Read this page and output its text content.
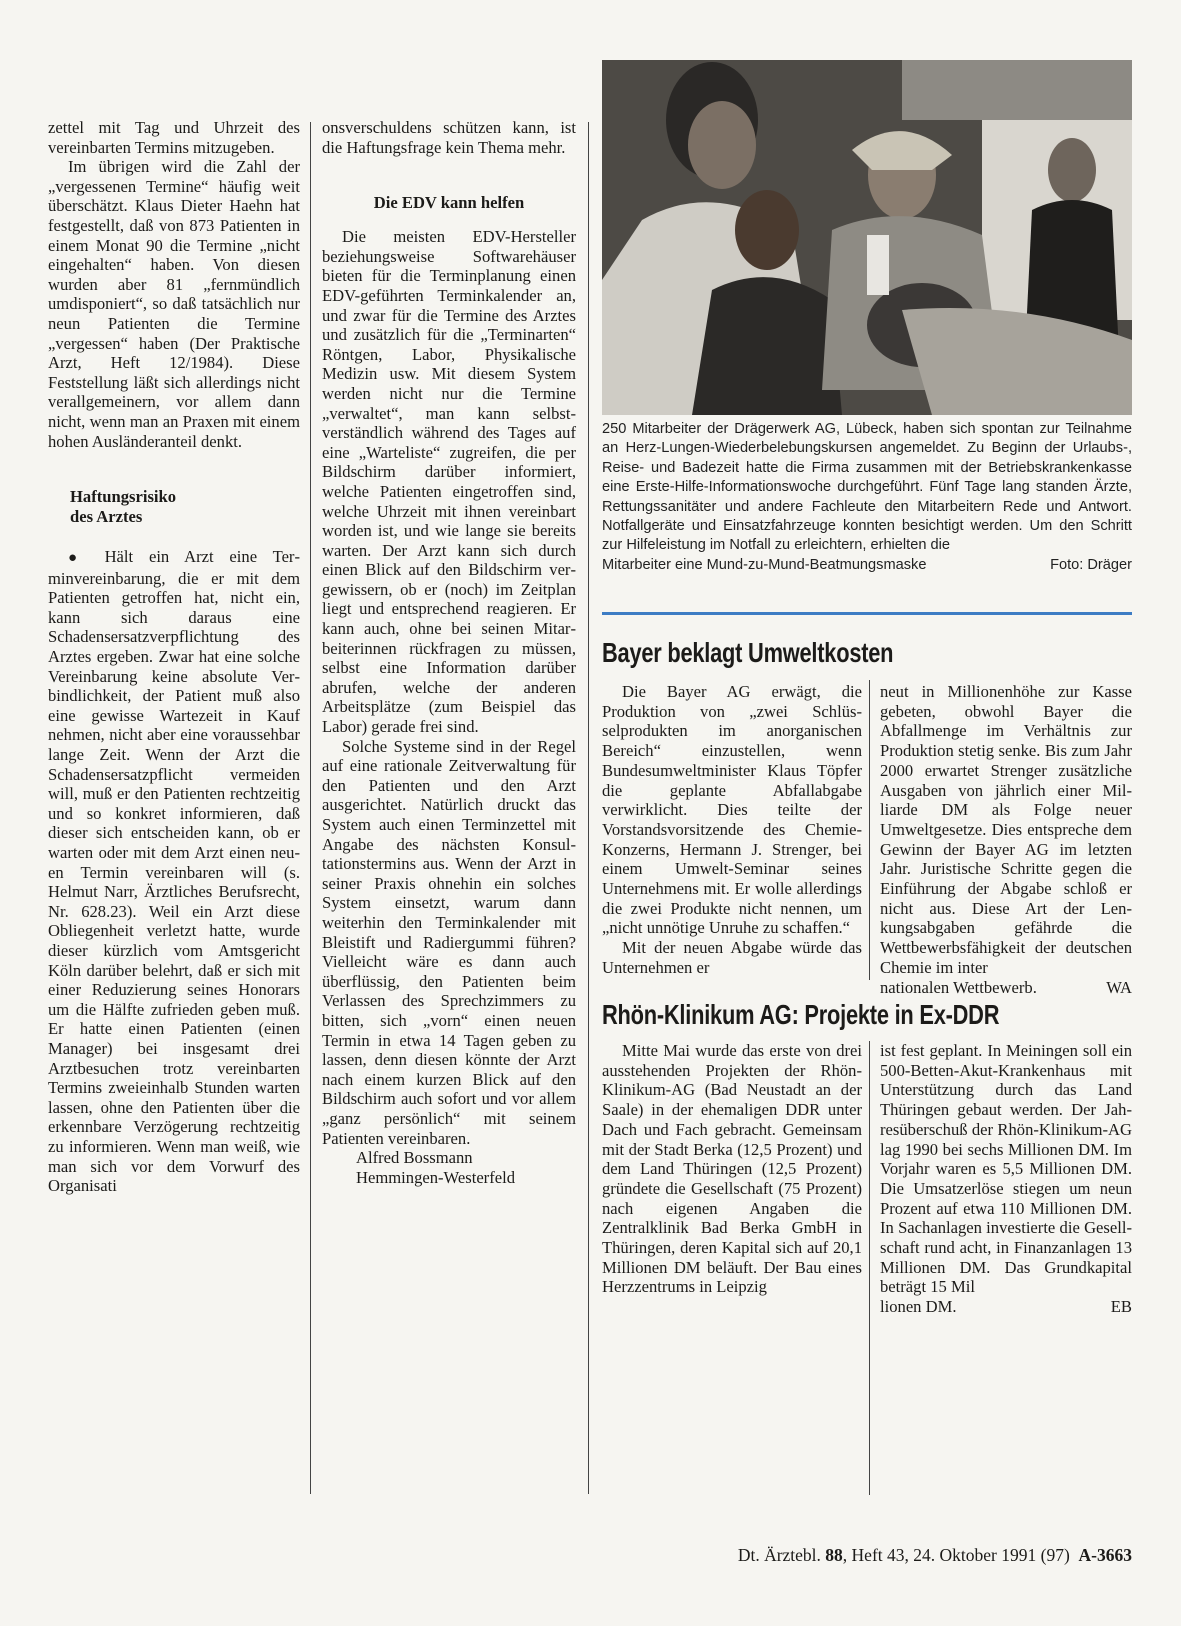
zettel mit Tag und Uhrzeit des vereinbarten Termins mitzugeben.

Im übrigen wird die Zahl der „vergessenen Termine“ häufig weit überschätzt. Klaus Dieter Haehn hat festgestellt, daß von 873 Patienten in einem Monat 90 die Termine „nicht eingehalten“ haben. Von diesen wurden aber 81 „fernmündlich umdisponiert“, so daß tatsächlich nur neun Patienten die Termine „vergessen“ haben (Der Praktische Arzt, Heft 12/1984). Diese Feststellung läßt sich allerdings nicht verallgemeinern, vor allem dann nicht, wenn man an Praxen mit einem hohen Ausländeranteil denkt.

Haftungsrisiko

des Arztes

● Hält ein Arzt eine Terminvereinbarung, die er mit dem Patienten getroffen hat, nicht ein, kann sich daraus eine Schadensersatzverpflichtung des Arztes ergeben. Zwar hat eine solche Vereinbarung keine absolute Verbindlichkeit, der Patient muß also eine gewisse Wartezeit in Kauf nehmen, nicht aber eine voraussehbar lange Zeit. Wenn der Arzt die Schadensersatzpflicht vermeiden will, muß er den Patienten rechtzeitig und so konkret informieren, daß dieser sich entscheiden kann, ob er warten oder mit dem Arzt einen neuen Termin vereinbaren will (s. Helmut Narr, Ärztliches Berufsrecht, Nr. 628.23). Weil ein Arzt diese Obliegenheit verletzt hatte, wurde dieser kürzlich vom Amtsgericht Köln darüber belehrt, daß er sich mit einer Reduzierung seines Honorars um die Hälfte zufrieden geben muß. Er hatte einen Patienten (einen Manager) bei insgesamt drei Arztbesuchen trotz vereinbarten Termins zweieinhalb Stunden warten lassen, ohne den Patienten über die erkennbare Verzögerung rechtzeitig zu informieren. Wenn man weiß, wie man sich vor dem Vorwurf des Organisati

onsverschuldens schützen kann, ist die Haftungsfrage kein Thema mehr.

Die EDV kann helfen

Die meisten EDV-Hersteller beziehungsweise Softwarehäuser bieten für die Terminplanung einen EDV-geführten Terminkalender an, und zwar für die Termine des Arztes und zusätzlich für die „Terminarten“ Röntgen, Labor, Physikalische Medizin usw. Mit diesem System werden nicht nur die Termine „verwaltet“, man kann selbstverständlich während des Tages auf eine „Warteliste“ zugreifen, die per Bildschirm darüber informiert, welche Patienten eingetroffen sind, welche Uhrzeit mit ihnen vereinbart worden ist, und wie lange sie bereits warten. Der Arzt kann sich durch einen Blick auf den Bildschirm vergewissern, ob er (noch) im Zeitplan liegt und entsprechend reagieren. Er kann auch, ohne bei seinen Mitarbeiterinnen rückfragen zu müssen, selbst eine Information darüber abrufen, welche der anderen Arbeitsplätze (zum Beispiel das Labor) gerade frei sind.

Solche Systeme sind in der Regel auf eine rationale Zeitverwaltung für den Patienten und den Arzt ausgerichtet. Natürlich druckt das System auch einen Terminzettel mit Angabe des nächsten Konsultationstermins aus. Wenn der Arzt in seiner Praxis ohnehin ein solches System einsetzt, warum dann weiterhin den Terminkalender mit Bleistift und Radiergummi führen? Vielleicht wäre es dann auch überflüssig, den Patienten beim Verlassen des Sprechzimmers zu bitten, sich „vorn“ einen neuen Termin in etwa 14 Tagen geben zu lassen, denn diesen könnte der Arzt nach einem kurzen Blick auf den Bildschirm auch sofort und vor allem „ganz persönlich“ mit seinem Patienten vereinbaren.

Alfred Bossmann

Hemmingen-Westerfeld

250 Mitarbeiter der Drägerwerk AG, Lübeck, haben sich spontan zur Teilnahme an Herz-Lungen-Wiederbelebungskursen angemeldet. Zu Beginn der Urlaubs-, Reise- und Badezeit hatte die Firma zusammen mit der Betriebskrankenkasse eine Erste-Hilfe-Informationswoche durchgeführt. Fünf Tage lang standen Ärzte, Rettungssanitäter und andere Fachleute den Mitarbeitern Rede und Antwort. Notfallgeräte und Einsatzfahrzeuge konnten besichtigt werden. Um den Schritt zur Hilfeleistung im Notfall zu erleichtern, erhielten die
Mitarbeiter eine Mund-zu-Mund-Beatmungsmaske	Foto: Dräger
Bayer beklagt Umweltkosten

Die Bayer AG erwägt, die Produktion von „zwei Schlüsselprodukten im anorganischen Bereich“ einzustellen, wenn Bundesumweltminister Klaus Töpfer die geplante Abfallabgabe verwirklicht. Dies teilte der Vorstandsvorsitzende des Chemie-Konzerns, Hermann J. Strenger, bei einem Umwelt-Seminar seines Unternehmens mit. Er wolle allerdings die zwei Produkte nicht nennen, um „nicht unnötige Unruhe zu schaffen.“

Mit der neuen Abgabe würde das Unternehmen er

neut in Millionenhöhe zur Kasse gebeten, obwohl Bayer die Abfallmenge im Verhältnis zur Produktion stetig senke. Bis zum Jahr 2000 erwartet Strenger zusätzliche Ausgaben von jährlich einer Milliarde DM als Folge neuer Umweltgesetze. Dies entspreche dem Gewinn der Bayer AG im letzten Jahr. Juristische Schritte gegen die Einführung der Abgabe schloß er nicht aus. Diese Art der Lenkungsabgaben gefährde die Wettbewerbsfähigkeit der deutschen Chemie im inter

nationalen Wettbewerb.	WA
Rhön-Klinikum AG: Projekte in Ex-DDR

Mitte Mai wurde das erste von drei ausstehenden Projekten der Rhön-Klinikum-AG (Bad Neustadt an der Saale) in der ehemaligen DDR unter Dach und Fach gebracht. Gemeinsam mit der Stadt Berka (12,5 Prozent) und dem Land Thüringen (12,5 Prozent) gründete die Gesellschaft (75 Prozent) nach eigenen Angaben die Zentralklinik Bad Berka GmbH in Thüringen, deren Kapital sich auf 20,1 Millionen DM beläuft. Der Bau eines Herzzentrums in Leipzig

ist fest geplant. In Meiningen soll ein 500-Betten-Akut-Krankenhaus mit Unterstützung durch das Land Thüringen gebaut werden. Der Jahresüberschuß der Rhön-Klinikum-AG lag 1990 bei sechs Millionen DM. Im Vorjahr waren es 5,5 Millionen DM. Die Umsatzerlöse stiegen um neun Prozent auf etwa 110 Millionen DM. In Sachanlagen investierte die Gesellschaft rund acht, in Finanzanlagen 13 Millionen DM. Das Grundkapital beträgt 15 Mil

lionen DM.	EB
Dt. Ärztebl. 88, Heft 43, 24. Oktober 1991 (97) A-3663
